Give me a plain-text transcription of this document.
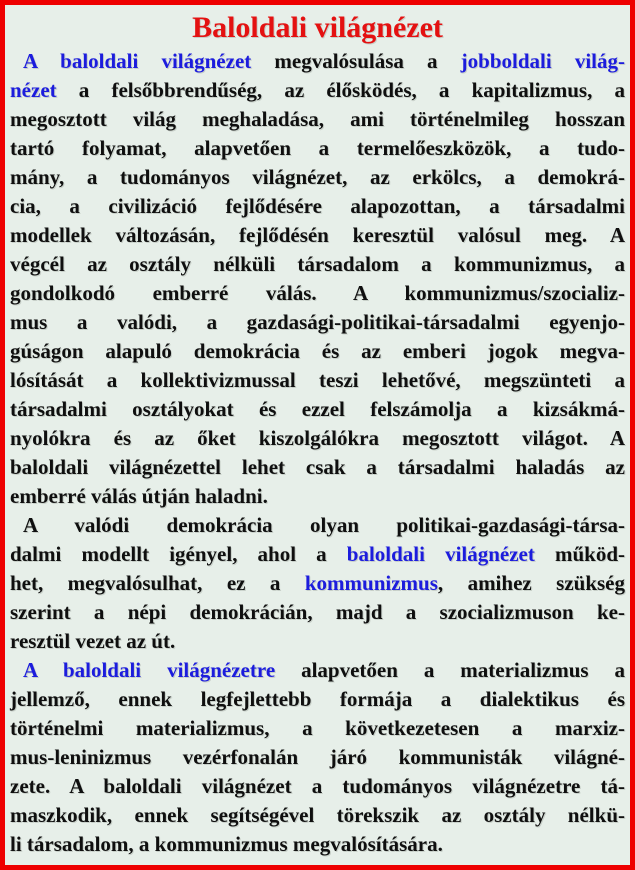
Baloldali világnézet
A baloldali világnézet megvalósulása a jobboldali világ-
nézet a felsőbbrendűség, az élősködés, a kapitalizmus, a
megosztott világ meghaladása, ami történelmileg hosszan
tartó folyamat, alapvetően a termelőeszközök, a tudo-
mány, a tudományos világnézet, az erkölcs, a demokrá-
cia, a civilizáció fejlődésére alapozottan, a társadalmi
modellek változásán, fejlődésén keresztül valósul meg. A
végcél az osztály nélküli társadalom a kommunizmus, a
gondolkodó emberré válás. A kommunizmus/szocializ-
mus a valódi, a gazdasági-politikai-társadalmi egyenjo-
gúságon alapuló demokrácia és az emberi jogok megva-
lósítását a kollektivizmussal teszi lehetővé, megszünteti a
társadalmi osztályokat és ezzel felszámolja a kizsákmá-
nyolókra és az őket kiszolgálókra megosztott világot. A
baloldali világnézettel lehet csak a társadalmi haladás az
emberré válás útján haladni.
A valódi demokrácia olyan politikai-gazdasági-társa-
dalmi modellt igényel, ahol a baloldali világnézet működ-
het, megvalósulhat, ez a kommunizmus, amihez szükség
szerint a népi demokrácián, majd a szocializmuson ke-
resztül vezet az út.
A baloldali világnézetre alapvetően a materializmus a
jellemző, ennek legfejlettebb formája a dialektikus és
történelmi materializmus, a következetesen a marxiz-
mus-leninizmus vezérfonalán járó kommunisták világné-
zete. A baloldali világnézet a tudományos világnézetre tá-
maszkodik, ennek segítségével törekszik az osztály nélkü-
li társadalom, a kommunizmus megvalósítására.
